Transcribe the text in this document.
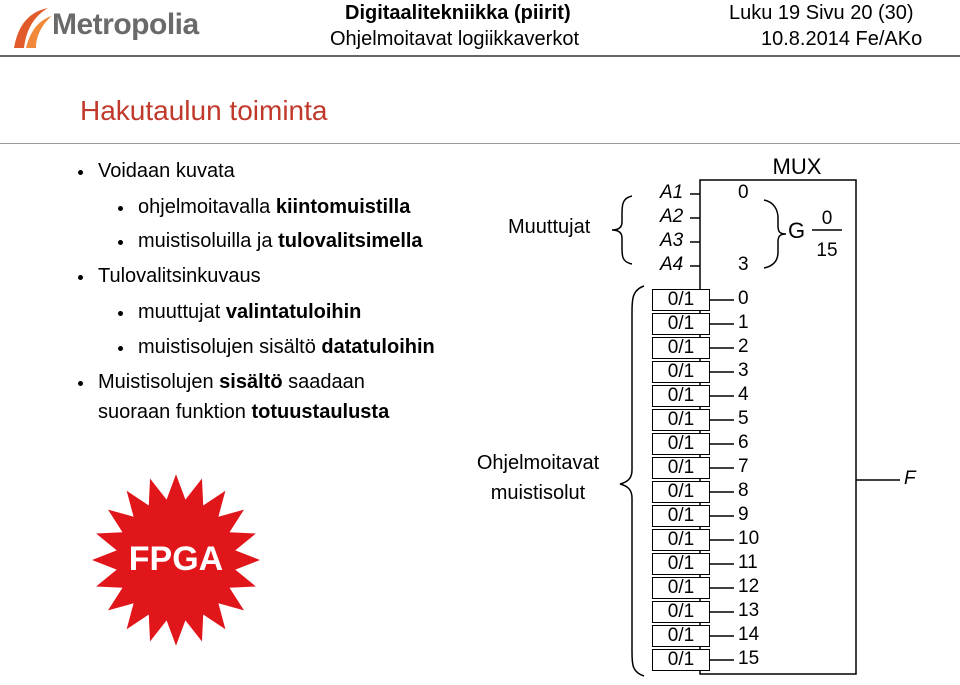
Metropolia	Digitaalitekniikka (piirit)
Ohjelmoitavat logiikkaverkot
Luku 19 Sivu 20 (30)
10.8.2014 Fe/AKo
Hakutaulun toiminta
Voidaan kuvata
ohjelmoitavalla kiintomuistilla
muistisoluilla ja tulovalitsimella
Tulovalitsinkuvaus
muuttujat valintatuloihin
muistisolujen sisältö datatuloihin
Muistisolujen sisältö saadaan
suoraan funktion totuustaulusta
FPGA
Muuttujat
Ohjelmoitavat
muistisolut
MUX
G 0
15
F
0
3
A1
A2
A3
A4
0/1	0
0/1	1
0/1	2
0/1	3
0/1	4
0/1	5
0/1	6
0/1	7
0/1	8
0/1	9
0/1	10
0/1	11
0/1	12
0/1	13
0/1	14
0/1	15
